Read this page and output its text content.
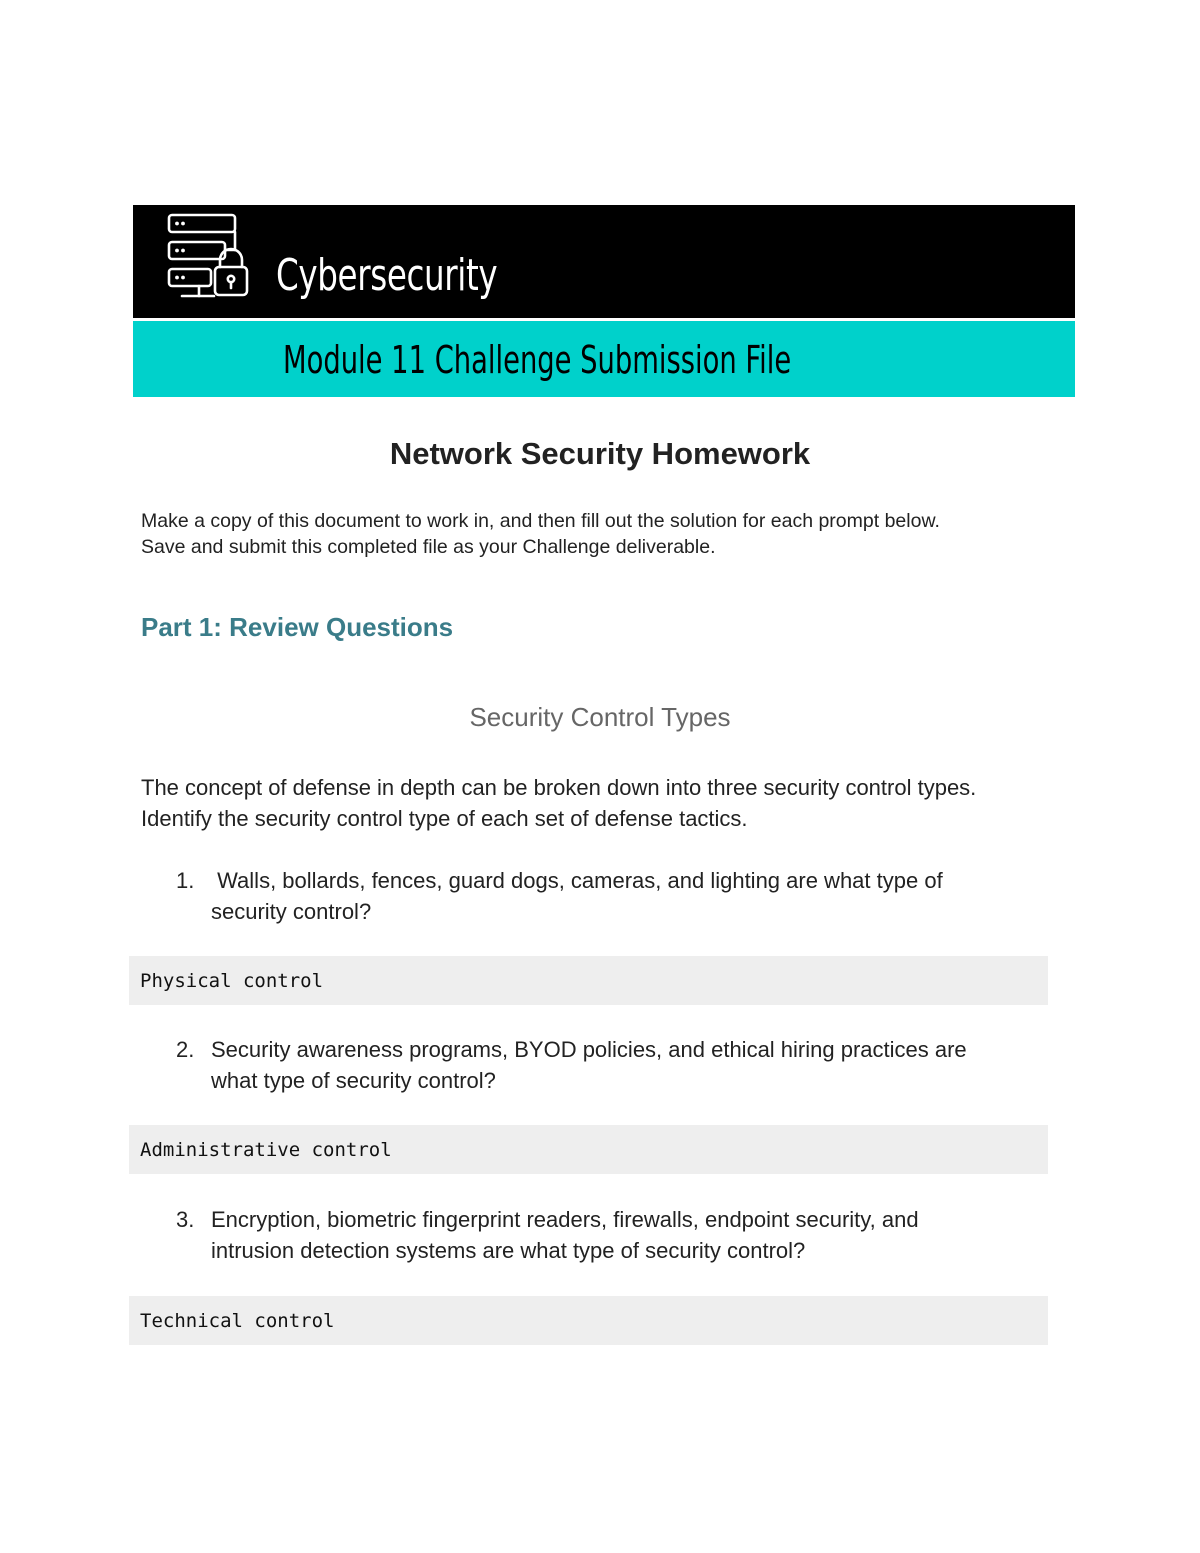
Cybersecurity
Module 11 Challenge Submission File
Network Security Homework

Make a copy of this document to work in, and then fill out the solution for each prompt below.
Save and submit this completed file as your Challenge deliverable.

Part 1: Review Questions
Security Control Types

The concept of defense in depth can be broken down into three security control types.
Identify the security control type of each set of defense tactics.

1. Walls, bollards, fences, guard dogs, cameras, and lighting are what type of
security control?
Physical control
2. Security awareness programs, BYOD policies, and ethical hiring practices are
what type of security control?
Administrative control
3. Encryption, biometric fingerprint readers, firewalls, endpoint security, and
intrusion detection systems are what type of security control?
Technical control
